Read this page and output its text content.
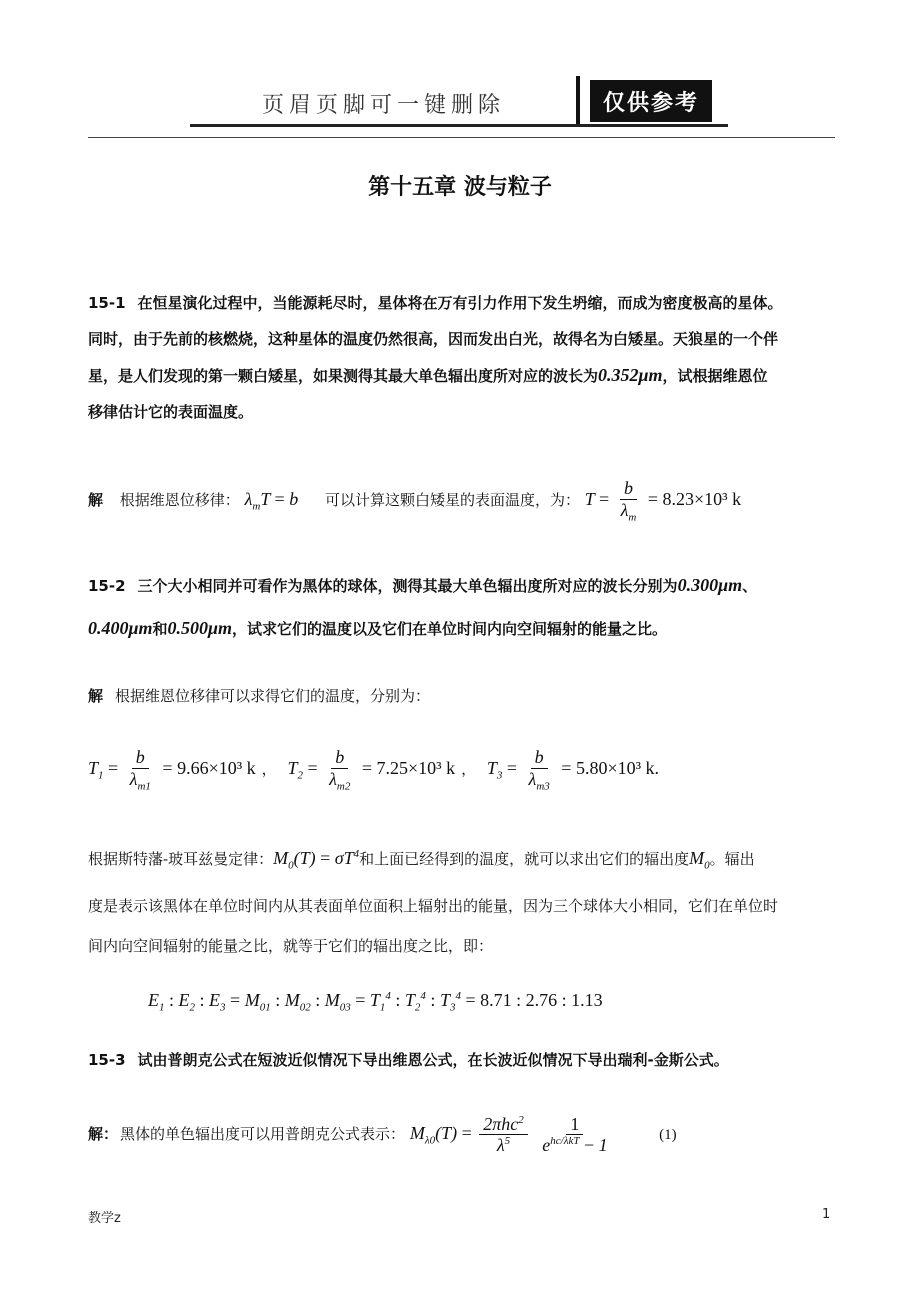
页眉页脚可一键删除	仅供参考
第十五章 波与粒子
15-1 在恒星演化过程中，当能源耗尽时，星体将在万有引力作用下发生坍缩，而成为密度极高的星体。
同时，由于先前的核燃烧，这种星体的温度仍然很高，因而发出白光，故得名为白矮星。天狼星的一个伴
星，是人们发现的第一颗白矮星，如果测得其最大单色辐出度所对应的波长为0.352μm，试根据维恩位
移律估计它的表面温度。
解 根据维恩位移律： $\lambda_mT = b$ 可以计算这颗白矮星的表面温度，为： $T = \frac{b}{\lambda_m} = 8.23\times 10^3$ k
15-2 三个大小相同并可看作为黑体的球体，测得其最大单色辐出度所对应的波长分别为0.300μm、
0.400μm和0.500μm，试求它们的温度以及它们在单位时间内向空间辐射的能量之比。
解 根据维恩位移律可以求得它们的温度，分别为：
$T_1 = \frac{b}{\lambda_{m1}} = 9.66\times 10^3$ k ， $T_2 = \frac{b}{\lambda_{m2}} = 7.25\times 10^3$ k ， $T_3 = \frac{b}{\lambda_{m3}} = 5.80\times 10^3$ k.
根据斯特藩-玻耳兹曼定律：$M_0(T) = \sigma T^4$和上面已经得到的温度，就可以求出它们的辐出度$M_0$。辐出
度是表示该黑体在单位时间内从其表面单位面积上辐射出的能量，因为三个球体大小相同，它们在单位时
间内向空间辐射的能量之比，就等于它们的辐出度之比，即：
$E_1$ : $E_2$ : $E_3 = M_{01}$ : $M_{02}$ : $M_{03} = T_1^4$ : $T_2^4$ : $T_3^4 = 8.71$ : 2.76 : 1.13
15-3 试由普朗克公式在短波近似情况下导出维恩公式，在长波近似情况下导出瑞利-金斯公式。
解： 黑体的单色辐出度可以用普朗克公式表示： $M_{\lambda 0}(T) = \frac{2\pi hc^2}{\lambda^5}$
$\frac{1}{e^{hc/\lambda kT} - 1}$	(1)
教学z	1
